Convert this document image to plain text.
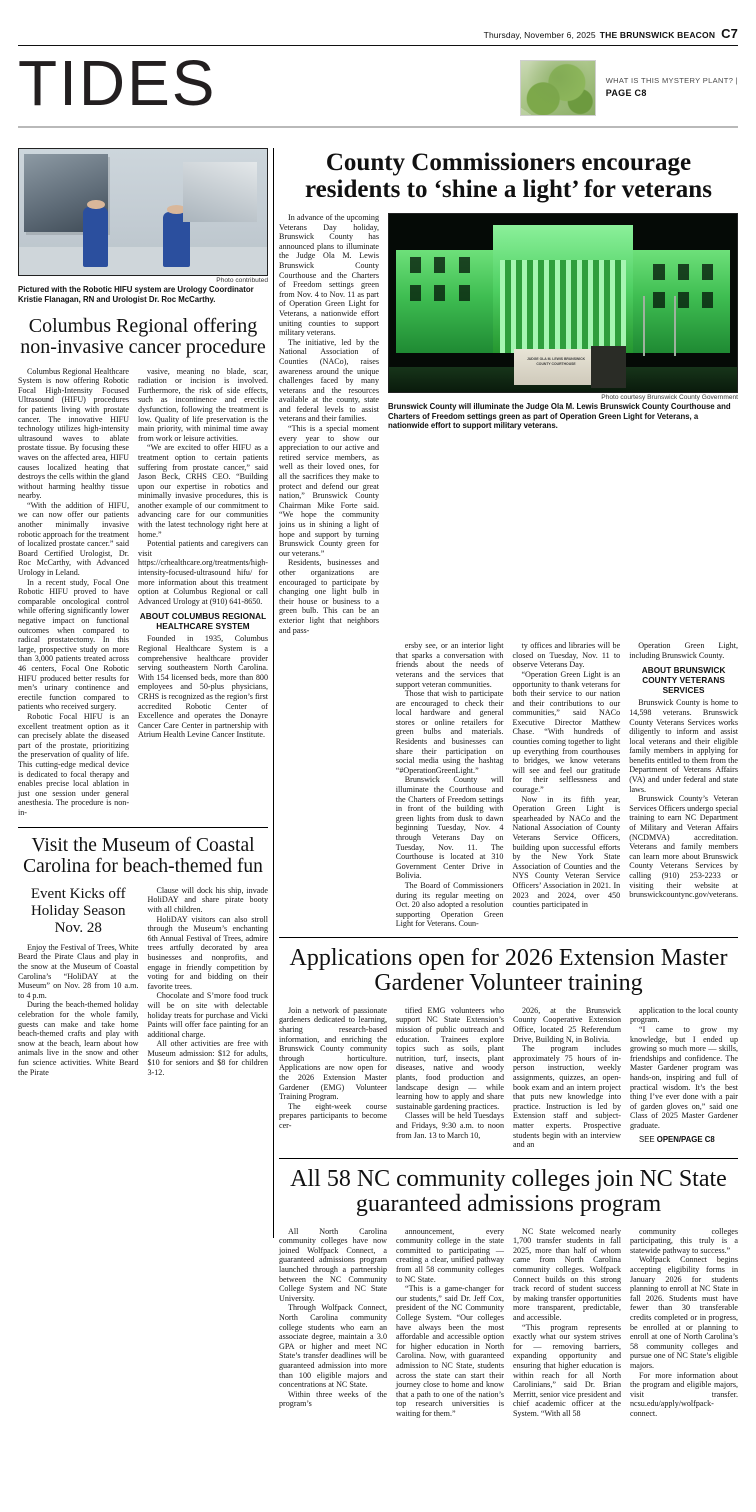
Thursday, November 6, 2025 THE BRUNSWICK BEACON C7
TIDES	WHAT IS THIS MYSTERY PLANT? |
PAGE C8
Photo contributed
Pictured with the Robotic HIFU system are Urology Coordinator Kristie Flanagan, RN and Urologist Dr. Roc McCarthy.
Columbus Regional offering non-invasive cancer procedure

Columbus Regional Healthcare System is now offering Robotic Focal High-Intensity Focused Ultrasound (HIFU) procedures for patients living with prostate cancer. The innovative HIFU technology utilizes high-intensity ultrasound waves to ablate prostate tissue. By focusing these waves on the affected area, HIFU causes localized heating that destroys the cells within the gland without harming healthy tissue nearby.

“With the addition of HIFU, we can now offer our patients another minimally invasive robotic approach for the treatment of localized prostate cancer.” said Board Certified Urologist, Dr. Roc McCarthy, with Advanced Urology in Leland.

In a recent study, Focal One Robotic HIFU proved to have comparable oncological control while offering significantly lower negative impact on functional outcomes when compared to radical prostatectomy. In this large, prospective study on more than 3,000 patients treated across 46 centers, Focal One Robotic HIFU produced better results for men’s urinary continence and erectile function compared to patients who received surgery.

Robotic Focal HIFU is an excellent treatment option as it can precisely ablate the diseased part of the prostate, prioritizing the preservation of quality of life. This cutting-edge medical device is dedicated to focal therapy and enables precise local ablation in just one session under general anesthesia. The procedure is non-in-

vasive, meaning no blade, scar, radiation or incision is involved. Furthermore, the risk of side effects, such as incontinence and erectile dysfunction, following the treatment is low. Quality of life preservation is the main priority, with minimal time away from work or leisure activities.

“We are excited to offer HIFU as a treatment option to certain patients suffering from prostate cancer,” said Jason Beck, CRHS CEO. “Building upon our expertise in robotics and minimally invasive procedures, this is another example of our commitment to advancing care for our communities with the latest technology right here at home.”

Potential patients and caregivers can visit https://crhealthcare.org/treatments/high-intensity-focused-ultrasound hifu/ for more information about this treatment option at Columbus Regional or call Advanced Urology at (910) 641-8650.

ABOUT COLUMBUS REGIONAL HEALTHCARE SYSTEM

Founded in 1935, Columbus Regional Healthcare System is a comprehensive healthcare provider serving southeastern North Carolina. With 154 licensed beds, more than 800 employees and 50-plus physicians, CRHS is recognized as the region’s first accredited Robotic Center of Excellence and operates the Donayre Cancer Care Center in partnership with Atrium Health Levine Cancer Institute.

Visit the Museum of Coastal Carolina for beach-themed fun
Event Kicks off Holiday Season Nov. 28

Enjoy the Festival of Trees, White Beard the Pirate Claus and play in the snow at the Museum of Coastal Carolina’s “HoliDAY at the Museum” on Nov. 28 from 10 a.m. to 4 p.m.

During the beach-themed holiday celebration for the whole family, guests can make and take home beach-themed crafts and play with snow at the beach, learn about how animals live in the snow and other fun science activities. White Beard the Pirate

Clause will dock his ship, invade HoliDAY and share pirate booty with all children.

HoliDAY visitors can also stroll through the Museum’s enchanting 6th Annual Festival of Trees, admire trees artfully decorated by area businesses and nonprofits, and engage in friendly competition by voting for and bidding on their favorite trees.

Chocolate and S’more food truck will be on site with delectable holiday treats for purchase and Vicki Paints will offer face painting for an additional charge.

All other activities are free with Museum admission: $12 for adults, $10 for seniors and $8 for children 3-12.

County Commissioners encourage residents to ‘shine a light’ for veterans

In advance of the upcoming Veterans Day holiday, Brunswick County has announced plans to illuminate the Judge Ola M. Lewis Brunswick County Courthouse and the Charters of Freedom settings green from Nov. 4 to Nov. 11 as part of Operation Green Light for Veterans, a nationwide effort uniting counties to support military veterans.

The initiative, led by the National Association of Counties (NACo), raises awareness around the unique challenges faced by many veterans and the resources available at the county, state and federal levels to assist veterans and their families.

“This is a special moment every year to show our appreciation to our active and retired service members, as well as their loved ones, for all the sacrifices they make to protect and defend our great nation,” Brunswick County Chairman Mike Forte said. “We hope the community joins us in shining a light of hope and support by turning Brunswick County green for our veterans.”

Residents, businesses and other organizations are encouraged to participate by changing one light bulb in their house or business to a green bulb. This can be an exterior light that neighbors and pass-

JUDGE OLA M. LEWIS BRUNSWICK COUNTY COURTHOUSE
Photo courtesy Brunswick County Government
Brunswick County will illuminate the Judge Ola M. Lewis Brunswick County Courthouse and Charters of Freedom settings green as part of Operation Green Light for Veterans, a nationwide effort to support military veterans.

ersby see, or an interior light that sparks a conversation with friends about the needs of veterans and the services that support veteran communities.

Those that wish to participate are encouraged to check their local hardware and general stores or online retailers for green bulbs and materials. Residents and businesses can share their participation on social media using the hashtag “#OperationGreenLight.”

Brunswick County will illuminate the Courthouse and the Charters of Freedom settings in front of the building with green lights from dusk to dawn beginning Tuesday, Nov. 4 through Veterans Day on Tuesday, Nov. 11. The Courthouse is located at 310 Government Center Drive in Bolivia.

The Board of Commissioners during its regular meeting on Oct. 20 also adopted a resolution supporting Operation Green Light for Veterans. Coun-

ty offices and libraries will be closed on Tuesday, Nov. 11 to observe Veterans Day.

“Operation Green Light is an opportunity to thank veterans for both their service to our nation and their contributions to our communities,” said NACo Executive Director Matthew Chase. “With hundreds of counties coming together to light up everything from courthouses to bridges, we know veterans will see and feel our gratitude for their selflessness and courage.”

Now in its fifth year, Operation Green Light is spearheaded by NACo and the National Association of County Veterans Service Officers, building upon successful efforts by the New York State Association of Counties and the NYS County Veteran Service Officers’ Association in 2021. In 2023 and 2024, over 450 counties participated in

Operation Green Light, including Brunswick County.

ABOUT BRUNSWICK COUNTY VETERANS SERVICES

Brunswick County is home to 14,598 veterans. Brunswick County Veterans Services works diligently to inform and assist local veterans and their eligible family members in applying for benefits entitled to them from the Department of Veterans Affairs (VA) and under federal and state laws.

Brunswick County’s Veteran Services Officers undergo special training to earn NC Department of Military and Veteran Affairs (NCDMVA) accreditation. Veterans and family members can learn more about Brunswick County Veterans Services by calling (910) 253-2233 or visiting their website at brunswickcountync.gov/veterans.

Applications open for 2026 Extension Master Gardener Volunteer training

Join a network of passionate gardeners dedicated to learning, sharing research-based information, and enriching the Brunswick County community through horticulture. Applications are now open for the 2026 Extension Master Gardener (EMG) Volunteer Training Program.

The eight-week course prepares participants to become cer-

tified EMG volunteers who support NC State Extension’s mission of public outreach and education. Trainees explore topics such as soils, plant nutrition, turf, insects, plant diseases, native and woody plants, food production and landscape design — while learning how to apply and share sustainable gardening practices.

Classes will be held Tuesdays and Fridays, 9:30 a.m. to noon from Jan. 13 to March 10,

2026, at the Brunswick County Cooperative Extension Office, located 25 Referendum Drive, Building N, in Bolivia.

The program includes approximately 75 hours of in-person instruction, weekly assignments, quizzes, an open-book exam and an intern project that puts new knowledge into practice. Instruction is led by Extension staff and subject-matter experts. Prospective students begin with an interview and an

application to the local county program.

“I came to grow my knowledge, but I ended up growing so much more — skills, friendships and confidence. The Master Gardener program was hands-on, inspiring and full of practical wisdom. It’s the best thing I’ve ever done with a pair of garden gloves on,” said one Class of 2025 Master Gardener graduate.

SEE OPEN/PAGE C8
All 58 NC community colleges join NC State guaranteed admissions program

All North Carolina community colleges have now joined Wolfpack Connect, a guaranteed admissions program launched through a partnership between the NC Community College System and NC State University.

Through Wolfpack Connect, North Carolina community college students who earn an associate degree, maintain a 3.0 GPA or higher and meet NC State’s transfer deadlines will be guaranteed admission into more than 100 eligible majors and concentrations at NC State.

Within three weeks of the program’s

announcement, every community college in the state committed to participating — creating a clear, unified pathway from all 58 community colleges to NC State.

“This is a game-changer for our students,” said Dr. Jeff Cox, president of the NC Community College System. “Our colleges have always been the most affordable and accessible option for higher education in North Carolina. Now, with guaranteed admission to NC State, students across the state can start their journey close to home and know that a path to one of the nation’s top research universities is waiting for them.”

NC State welcomed nearly 1,700 transfer students in fall 2025, more than half of whom came from North Carolina community colleges. Wolfpack Connect builds on this strong track record of student success by making transfer opportunities more transparent, predictable, and accessible.

“This program represents exactly what our system strives for — removing barriers, expanding opportunity and ensuring that higher education is within reach for all North Carolinians,” said Dr. Brian Merritt, senior vice president and chief academic officer at the System. “With all 58

community colleges participating, this truly is a statewide pathway to success.”

Wolfpack Connect begins accepting eligibility forms in January 2026 for students planning to enroll at NC State in fall 2026. Students must have fewer than 30 transferable credits completed or in progress, be enrolled at or planning to enroll at one of North Carolina’s 58 community colleges and pursue one of NC State’s eligible majors.

For more information about the program and eligible majors, visit transfer. ncsu.edu/apply/wolfpack-connect.
